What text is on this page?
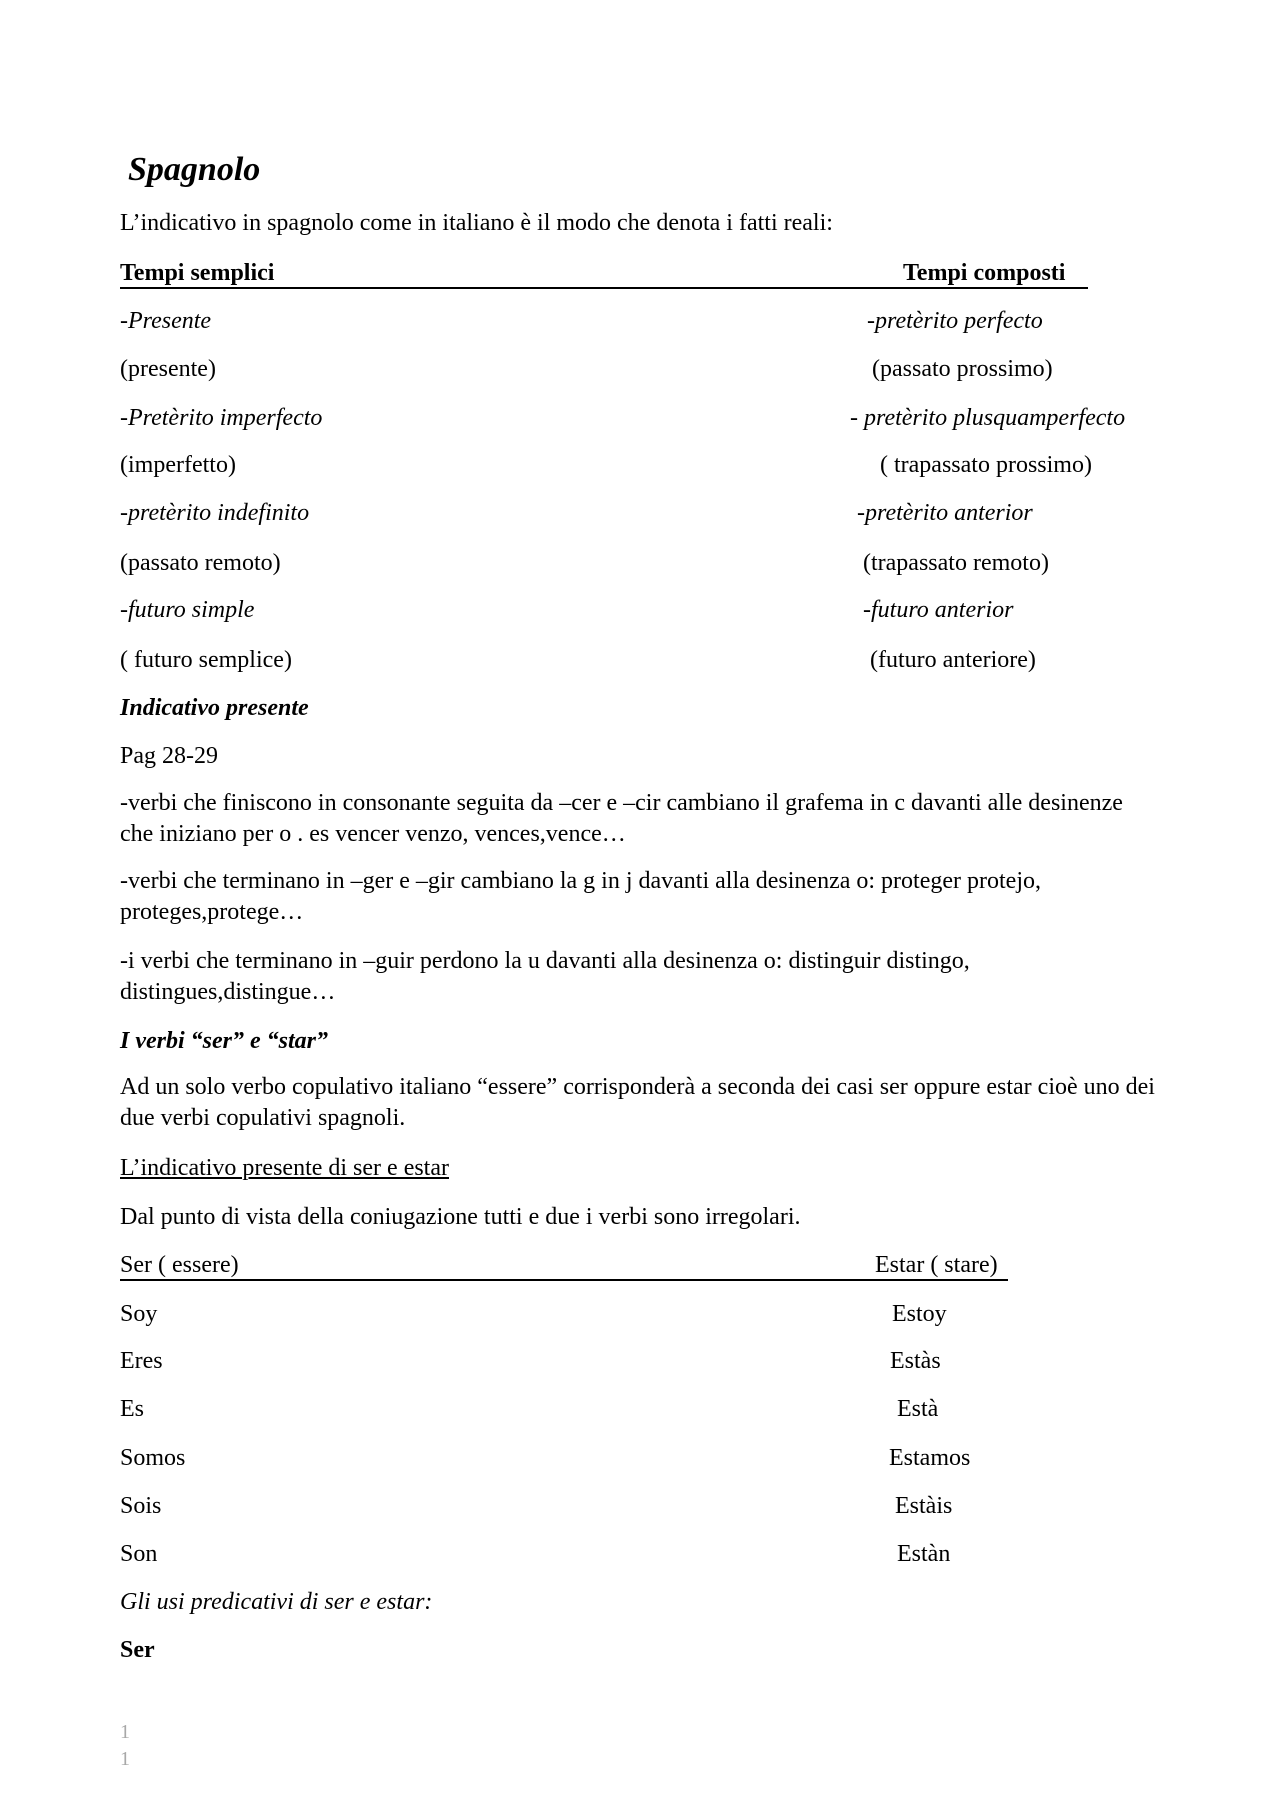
Spagnolo
L’indicativo in spagnolo come in italiano è il modo che denota i fatti reali:
Tempi semplici	Tempi composti
-Presente	-pretèrito perfecto
(presente)	(passato prossimo)
-Pretèrito imperfecto	- pretèrito plusquamperfecto
(imperfetto)	( trapassato prossimo)
-pretèrito indefinito	-pretèrito anterior
(passato remoto)	(trapassato remoto)
-futuro simple	-futuro anterior
( futuro semplice)	(futuro anteriore)
Indicativo presente
Pag 28-29
-verbi che finiscono in consonante seguita da –cer e –cir cambiano il grafema in c davanti alle desinenze che iniziano per o . es vencer venzo, vences,vence…
-verbi che terminano in –ger e –gir cambiano la g in j davanti alla desinenza o: proteger protejo, proteges,protege…
-i verbi che terminano in –guir perdono la u davanti alla desinenza o: distinguir distingo, distingues,distingue…
I verbi “ser” e “star”
Ad un solo verbo copulativo italiano “essere” corrisponderà a seconda dei casi ser oppure estar cioè uno dei due verbi copulativi spagnoli.
L’indicativo presente di ser e estar
Dal punto di vista della coniugazione tutti e due i verbi sono irregolari.
Ser ( essere)	Estar ( stare)
Soy	Estoy
Eres	Estàs
Es	Està
Somos	Estamos
Sois	Estàis
Son	Estàn
Gli usi predicativi di ser e estar:
Ser
1
1
